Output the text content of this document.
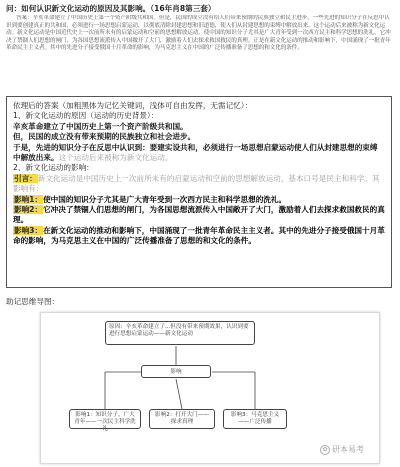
问：如何认识新文化运动的原因及其影响。（16年肖8第三套）
答案：辛亥革命建立了中国历史上第一个资产阶级共和国。但是，民国的成立没有给人们带来预期的民族独立和民主进步。一些先进的知识分子在反思中认识到要创建真正的共和国，必须进行一场思想启蒙运动，以彻底清除封建思想和旧道德，使人们从封建思想的束缚中解放出来。这个运动后来被称为新文化运动。新文化运动是中国近代史上一次前所未有的启蒙运动和空前的思想解放运动。使中国的知识分子尤其是广大青年受到一次西方民主和科学思想的洗礼。它冲决了禁锢人们思想的闸门，为各国思想流派传入中国敞开了大门，激励着人们去探求救国救民的真理。正是在新文化运动的推动和影响下，中国涌现了一批青年革命民主主义者。其中的先进分子接受俄国十月革命的影响，为马克思主义在中国的广泛传播准备了思想的和文化的条件。

依理后的答案（加粗黑体为记忆关键词，浅体可自由发挥，无需记忆）：

1、新文化运动的原因（运动的历史背景）：

辛亥革命建立了中国历史上第一个资产阶级共和国。

但，民国的成立没有带来预期的民族独立和社会进步。

于是，先进的知识分子在反思中认识到：要建实设共和，必须进行一场思想启蒙运动使人们从封建思想的束缚中解放出来。这个运动后来被称为新文化运动。

2、新文化运动的影响：

引言：新文化运动是中国历史上一次前所未有的启蒙运动和空前的思想解放运动，基本口号是民主和科学。其影响有：

影响1：使中国的知识分子尤其是广大青年受到一次西方民主和科学思想的洗礼。

影响2：它冲决了禁锢人们思想的闸门，为各国思想流派传入中国敞开了大门，激励着人们去探求救国救民的真理。

影响3：在新文化运动的推动和影响下，中国涌现了一批青年革命民主主义者。其中的先进分子接受俄国十月革命的影响，为马克思主义在中国的广泛传播准备了思想的和文化的条件。

助记思维导图：
原因：辛亥革命建立了...但没有带来预期效果，认识到要进行思想启蒙运动——新文化运动
影响
影响1：知识分子，广大青年——一次民主科学洗礼
影响2：打开大门——探求真理
影响3：马克思主义——广泛传播
✿ 研本易考
